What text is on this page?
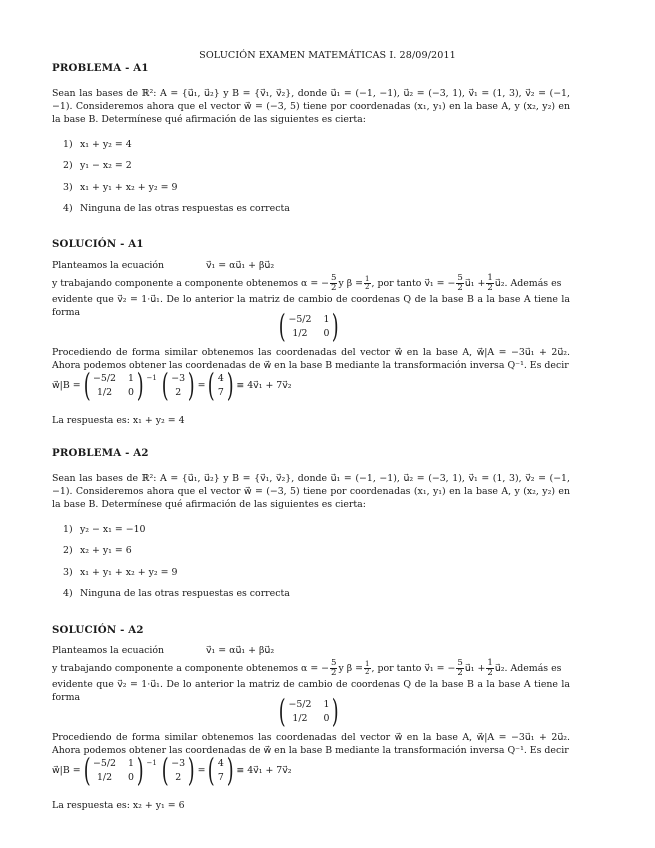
SOLUCIÓN EXAMEN MATEMÁTICAS I. 28/09/2011
PROBLEMA - A1
Sean las bases de ℝ²: A = {u⃗₁, u⃗₂} y B = {v⃗₁, v⃗₂}, donde u⃗₁ = (−1, −1), u⃗₂ = (−3, 1), v⃗₁ = (1, 3), v⃗₂ = (−1, −1). Consideremos ahora que el vector w⃗ = (−3, 5) tiene por coordenadas (x₁, y₁) en la base A, y (x₂, y₂) en la base B. Determínese qué afirmación de las siguientes es cierta:
1) x₁ + y₂ = 4
2) y₁ − x₂ = 2
3) x₁ + y₁ + x₂ + y₂ = 9
4) Ninguna de las otras respuestas es correcta
SOLUCIÓN - A1
Planteamos la ecuación	v⃗₁ = αu⃗₁ + βu⃗₂
y trabajando componente a componente obtenemos α = − $\frac{5}{2}$ y $\beta = \frac{1}{2}$ , por tanto v⃗₁ = − $\frac{5}{2}$ u⃗₁ + $\frac{1}{2}$ u⃗₂. Además es
evidente que v⃗₂ = 1·u⃗₁. De lo anterior la matriz de cambio de coordenas Q de la base B a la base A tiene la forma	( −5/2 1
1/2	0 )
Procediendo de forma similar obtenemos las coordenadas del vector w⃗ en la base A, w⃗|A = −3u⃗₁ + 2u⃗₂. Ahora podemos obtener las coordenadas de w⃗ en la base B mediante la transformación inversa Q⁻¹. Es decir
w⃗|B = ( −5/2 1
1/2	0 ) $^{-1}$ ( −3
2 ) = ( 4
7 ) ≡ 4v⃗₁ + 7v⃗₂
La respuesta es: x₁ + y₂ = 4
PROBLEMA - A2
Sean las bases de ℝ²: A = {u⃗₁, u⃗₂} y B = {v⃗₁, v⃗₂}, donde u⃗₁ = (−1, −1), u⃗₂ = (−3, 1), v⃗₁ = (1, 3), v⃗₂ = (−1, −1). Consideremos ahora que el vector w⃗ = (−3, 5) tiene por coordenadas (x₁, y₁) en la base A, y (x₂, y₂) en la base B. Determínese qué afirmación de las siguientes es cierta:
1) y₂ − x₁ = −10
2) x₂ + y₁ = 6
3) x₁ + y₁ + x₂ + y₂ = 9
4) Ninguna de las otras respuestas es correcta
SOLUCIÓN - A2
Planteamos la ecuación	v⃗₁ = αu⃗₁ + βu⃗₂
y trabajando componente a componente obtenemos α = − $\frac{5}{2}$ y $\beta = \frac{1}{2}$ , por tanto v⃗₁ = − $\frac{5}{2}$ u⃗₁ + $\frac{1}{2}$ u⃗₂. Además es
evidente que v⃗₂ = 1·u⃗₁. De lo anterior la matriz de cambio de coordenas Q de la base B a la base A tiene la forma	( −5/2 1
1/2	0 )
Procediendo de forma similar obtenemos las coordenadas del vector w⃗ en la base A, w⃗|A = −3u⃗₁ + 2u⃗₂. Ahora podemos obtener las coordenadas de w⃗ en la base B mediante la transformación inversa Q⁻¹. Es decir
w⃗|B = ( −5/2 1
1/2	0 ) $^{-1}$ ( −3
2 ) = ( 4
7 ) ≡ 4v⃗₁ + 7v⃗₂
La respuesta es: x₂ + y₁ = 6
